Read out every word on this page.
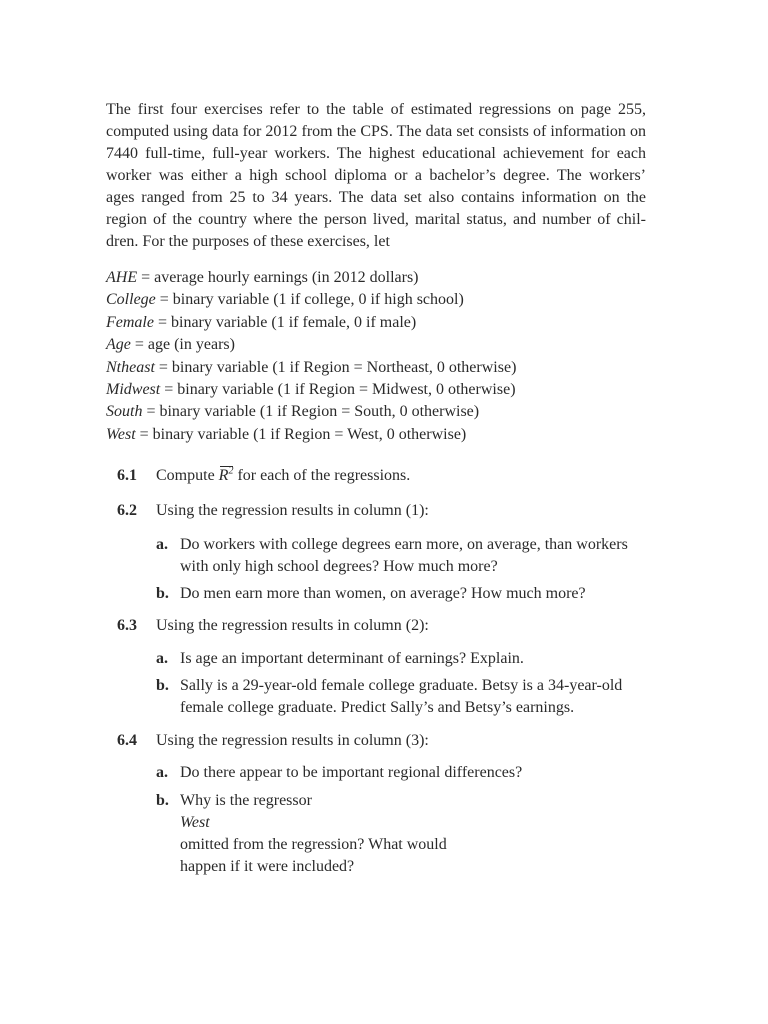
The first four exercises refer to the table of estimated regressions on page 255,
computed using data for 2012 from the CPS. The data set consists of information on
7440 full-time, full-year workers. The highest educational achievement for each
worker was either a high school diploma or a bachelor’s degree. The workers’
ages ranged from 25 to 34 years. The data set also contains information on the
region of the country where the person lived, marital status, and number of chil-
dren. For the purposes of these exercises, let

AHE = average hourly earnings (in 2012 dollars)
College = binary variable (1 if college, 0 if high school)
Female = binary variable (1 if female, 0 if male)
Age = age (in years)
Ntheast = binary variable (1 if Region = Northeast, 0 otherwise)
Midwest = binary variable (1 if Region = Midwest, 0 otherwise)
South = binary variable (1 if Region = South, 0 otherwise)
West = binary variable (1 if Region = West, 0 otherwise)
6.1 Compute $R^2$ for each of the regressions.
6.2 Using the regression results in column (1):
a. Do workers with college degrees earn more, on average, than workers
with only high school degrees? How much more?
b. Do men earn more than women, on average? How much more?
6.3 Using the regression results in column (2):
a. Is age an important determinant of earnings? Explain.
b. Sally is a 29-year-old female college graduate. Betsy is a 34-year-old
female college graduate. Predict Sally’s and Betsy’s earnings.
6.4 Using the regression results in column (3):
a. Do there appear to be important regional differences?
b. Why is the regressor
West
omitted from the regression? What would
happen if it were included?
